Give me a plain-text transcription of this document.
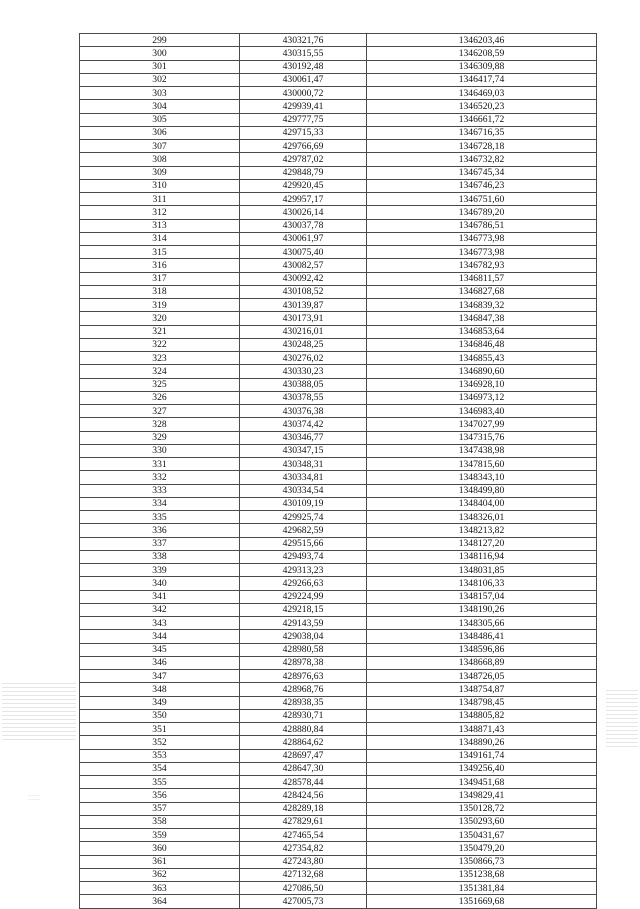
299	430321,76	1346203,46
300	430315,55	1346208,59
301	430192,48	1346309,88
302	430061,47	1346417,74
303	430000,72	1346469,03
304	429939,41	1346520,23
305	429777,75	1346661,72
306	429715,33	1346716,35
307	429766,69	1346728,18
308	429787,02	1346732,82
309	429848,79	1346745,34
310	429920,45	1346746,23
311	429957,17	1346751,60
312	430026,14	1346789,20
313	430037,78	1346786,51
314	430061,97	1346773,98
315	430075,40	1346773,98
316	430082,57	1346782,93
317	430092,42	1346811,57
318	430108,52	1346827,68
319	430139,87	1346839,32
320	430173,91	1346847,38
321	430216,01	1346853,64
322	430248,25	1346846,48
323	430276,02	1346855,43
324	430330,23	1346890,60
325	430388,05	1346928,10
326	430378,55	1346973,12
327	430376,38	1346983,40
328	430374,42	1347027,99
329	430346,77	1347315,76
330	430347,15	1347438,98
331	430348,31	1347815,60
332	430334,81	1348343,10
333	430334,54	1348499,80
334	430109,19	1348404,00
335	429925,74	1348326,01
336	429682,59	1348213,82
337	429515,66	1348127,20
338	429493,74	1348116,94
339	429313,23	1348031,85
340	429266,63	1348106,33
341	429224,99	1348157,04
342	429218,15	1348190,26
343	429143,59	1348305,66
344	429038,04	1348486,41
345	428980,58	1348596,86
346	428978,38	1348668,89
347	428976,63	1348726,05
348	428968,76	1348754,87
349	428938,35	1348798,45
350	428930,71	1348805,82
351	428880,84	1348871,43
352	428864,62	1348890,26
353	428697,47	1349161,74
354	428647,30	1349256,40
355	428578,44	1349451,68
356	428424,56	1349829,41
357	428289,18	1350128,72
358	427829,61	1350293,60
359	427465,54	1350431,67
360	427354,82	1350479,20
361	427243,80	1350866,73
362	427132,68	1351238,68
363	427086,50	1351381,84
364	427005,73	1351669,68
